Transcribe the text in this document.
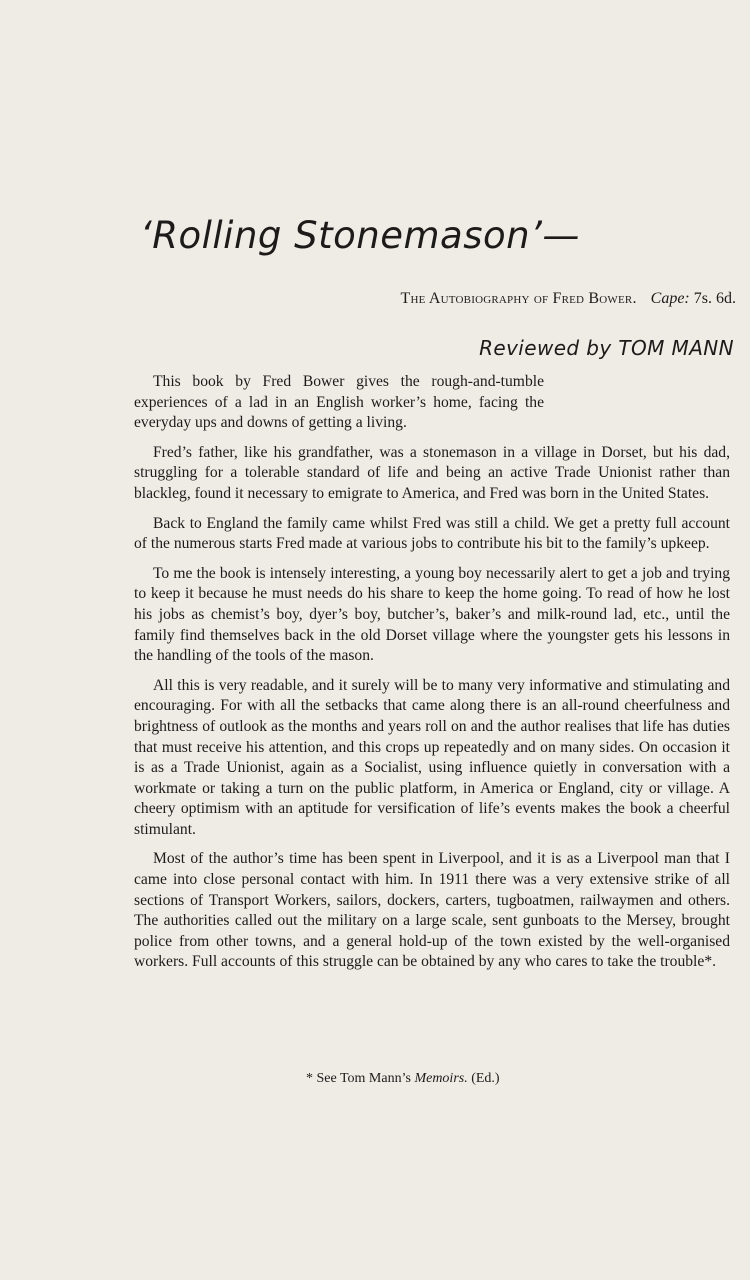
‘Rolling Stonemason’—
The Autobiography of Fred Bower. Cape: 7s. 6d.
Reviewed by TOM MANN

This book by Fred Bower gives the rough-and-tumble experiences of a lad in an English worker’s home, facing the everyday ups and downs of getting a living.

Fred’s father, like his grandfather, was a stonemason in a village in Dorset, but his dad, struggling for a tolerable standard of life and being an active Trade Unionist rather than blackleg, found it necessary to emigrate to America, and Fred was born in the United States.

Back to England the family came whilst Fred was still a child. We get a pretty full account of the numerous starts Fred made at various jobs to contribute his bit to the family’s upkeep.

To me the book is intensely interesting, a young boy necessarily alert to get a job and trying to keep it because he must needs do his share to keep the home going. To read of how he lost his jobs as chemist’s boy, dyer’s boy, butcher’s, baker’s and milk-round lad, etc., until the family find themselves back in the old Dorset village where the youngster gets his lessons in the handling of the tools of the mason.

All this is very readable, and it surely will be to many very informative and stimulating and encouraging. For with all the setbacks that came along there is an all-round cheerfulness and brightness of outlook as the months and years roll on and the author realises that life has duties that must receive his attention, and this crops up repeatedly and on many sides. On occasion it is as a Trade Unionist, again as a Socialist, using influence quietly in conversation with a workmate or taking a turn on the public platform, in America or England, city or village. A cheery optimism with an aptitude for versification of life’s events makes the book a cheerful stimulant.

Most of the author’s time has been spent in Liverpool, and it is as a Liverpool man that I came into close personal contact with him. In 1911 there was a very extensive strike of all sections of Transport Workers, sailors, dockers, carters, tugboatmen, railwaymen and others. The authorities called out the military on a large scale, sent gunboats to the Mersey, brought police from other towns, and a general hold-up of the town existed by the well-organised workers. Full accounts of this struggle can be obtained by any who cares to take the trouble*.

* See Tom Mann’s Memoirs. (Ed.)
